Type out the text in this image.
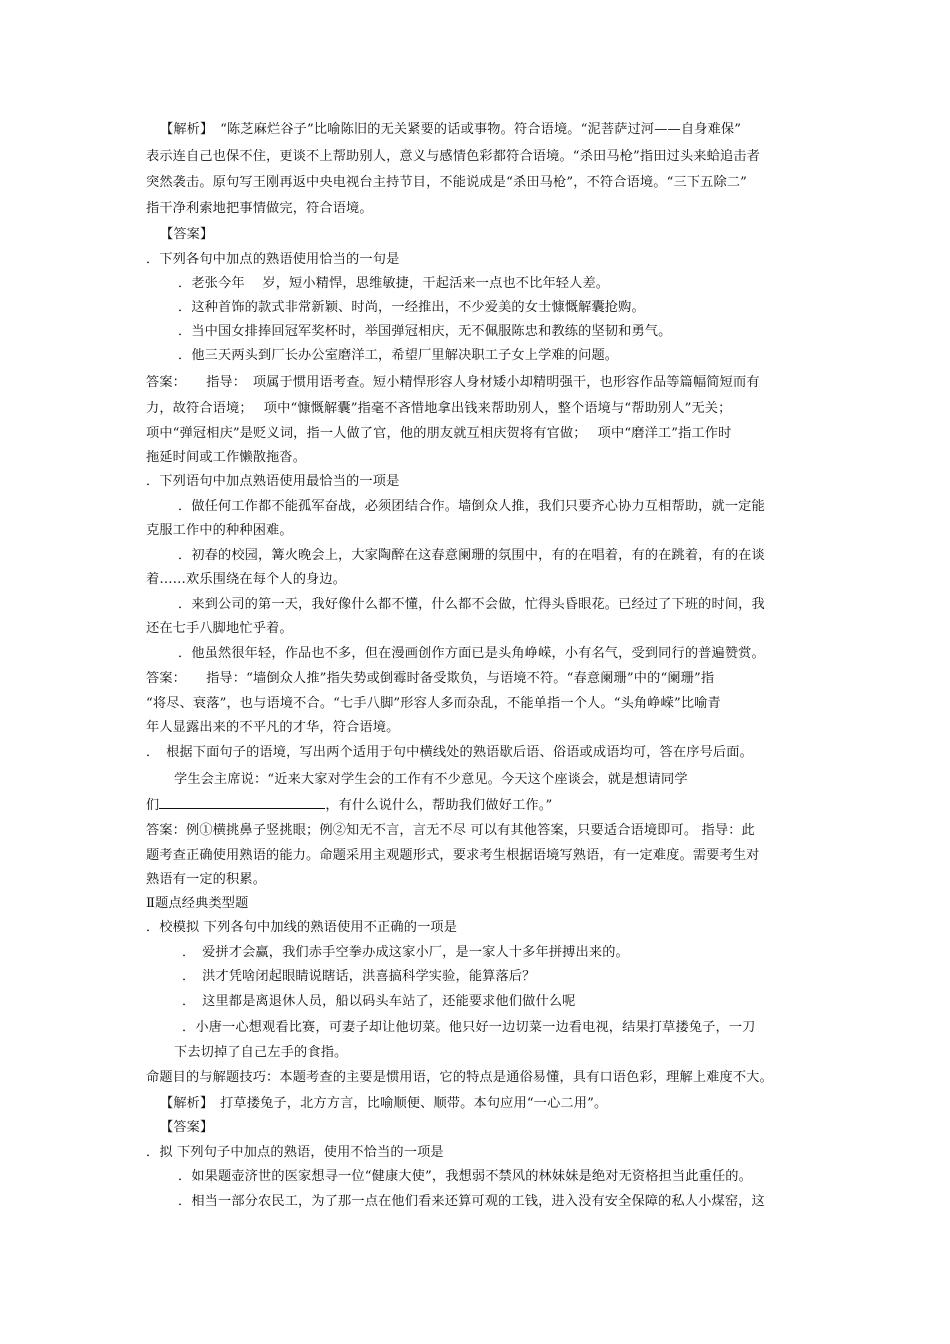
【解析】　“陈芝麻烂谷子”比喻陈旧的无关紧要的话或事物。符合语境。“泥菩萨过河——自身难保”
表示连自己也保不住，更谈不上帮助别人，意义与感情色彩都符合语境。“杀田马枪”指田过头来蛤追击者
突然袭击。原句写王刚再返中央电视台主持节目，不能说成是“杀田马枪”，不符合语境。“三下五除二”
指干净利索地把事情做完，符合语境。
【答案】
．下列各句中加点的熟语使用恰当的一句是
．老张今年　 岁，短小精悍，思维敏捷，干起活来一点也不比年轻人差。
．这种首饰的款式非常新颖、时尚，一经推出，不少爱美的女士慷慨解囊抢购。
．当中国女排捧回冠军奖杯时，举国弹冠相庆，无不佩服陈忠和教练的坚韧和勇气。
．他三天两头到厂长办公室磨洋工，希望厂里解决职工子女上学难的问题。
答案：　　指导：　项属于惯用语考查。短小精悍形容人身材矮小却精明强干，也形容作品等篇幅简短而有
力，故符合语境；　 项中“慷慨解囊”指毫不吝惜地拿出钱来帮助别人，整个语境与“帮助别人”无关；
项中“弹冠相庆”是贬义词，指一人做了官，他的朋友就互相庆贺将有官做；　 项中“磨洋工”指工作时
拖延时间或工作懒散拖沓。
．下列语句中加点熟语使用最恰当的一项是
．做任何工作都不能孤军奋战，必须团结合作。墙倒众人推，我们只要齐心协力互相帮助，就一定能
克服工作中的种种困难。
．初春的校园，篝火晚会上，大家陶醉在这春意阑珊的氛围中，有的在唱着，有的在跳着，有的在谈
着……欢乐围绕在每个人的身边。
．来到公司的第一天，我好像什么都不懂，什么都不会做，忙得头昏眼花。已经过了下班的时间，我
还在七手八脚地忙乎着。
．他虽然很年轻，作品也不多，但在漫画创作方面已是头角峥嵘，小有名气，受到同行的普遍赞赏。
答案：　　指导：“墙倒众人推”指失势或倒霉时备受欺负，与语境不符。“春意阑珊”中的“阑珊”指
“将尽、衰落”，也与语境不合。“七手八脚”形容人多而杂乱，不能单指一个人。“头角峥嵘”比喻青
年人显露出来的不平凡的才华，符合语境。
．　根据下面句子的语境，写出两个适用于句中横线处的熟语歇后语、俗语或成语均可，答在序号后面。
学生会主席说：“近来大家对学生会的工作有不少意见。今天这个座谈会，就是想请同学
们	，有什么说什么，帮助我们做好工作。”
答案：例①横挑鼻子竖挑眼；例②知无不言，言无不尽 可以有其他答案，只要适合语境即可。 指导：此
题考查正确使用熟语的能力。命题采用主观题形式，要求考生根据语境写熟语，有一定难度。需要考生对
熟语有一定的积累。
Ⅱ题点经典类型题
．校模拟 下列各句中加线的熟语使用不正确的一项是
．　爱拼才会赢，我们赤手空拳办成这家小厂，是一家人十多年拼搏出来的。
．　洪才凭啥闭起眼睛说瞎话，洪喜搞科学实验，能算落后？
．　这里都是离退休人员，船以码头车站了，还能要求他们做什么呢
．小唐一心想观看比赛，可妻子却让他切菜。他只好一边切菜一边看电视，结果打草搂兔子，一刀
下去切掉了自己左手的食指。
命题目的与解题技巧：本题考查的主要是惯用语，它的特点是通俗易懂，具有口语色彩，理解上难度不大。
【解析】　打草搂兔子，北方方言，比喻顺便、顺带。本句应用“一心二用”。
【答案】
．拟 下列句子中加点的熟语，使用不恰当的一项是
．如果题壶济世的医家想寻一位“健康大使”，我想弱不禁风的林妹妹是绝对无资格担当此重任的。
．相当一部分农民工，为了那一点在他们看来还算可观的工钱，进入没有安全保障的私人小煤窑，这
